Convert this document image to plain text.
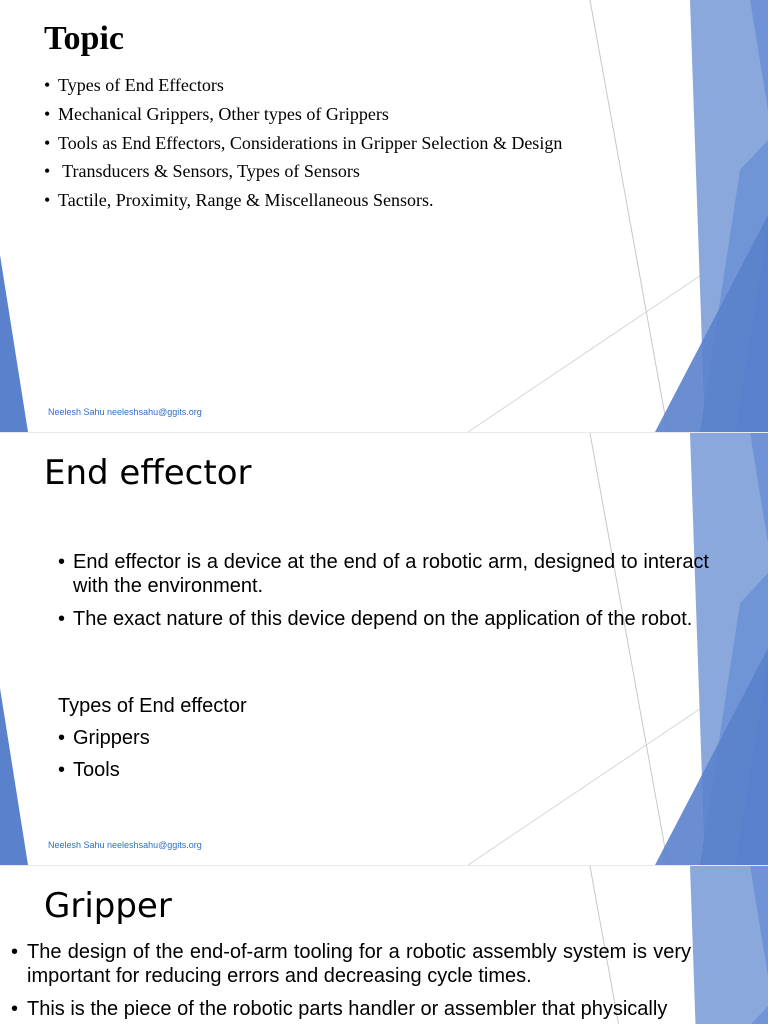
Topic
• Types of End Effectors
• Mechanical Grippers, Other types of Grippers
• Tools as End Effectors, Considerations in Gripper Selection & Design
•  Transducers & Sensors, Types of Sensors
• Tactile, Proximity, Range & Miscellaneous Sensors.
Neelesh Sahu neeleshsahu@ggits.org
End effector
• End effector is a device at the end of a robotic arm, designed to interact with the environment.
• The exact nature of this device depend on the application of the robot.
Types of End effector
• Grippers
• Tools
Neelesh Sahu neeleshsahu@ggits.org
Gripper
• The design of the end-of-arm tooling for a robotic assembly system is very important for reducing errors and decreasing cycle times.
• This is the piece of the robotic parts handler or assembler that physically
